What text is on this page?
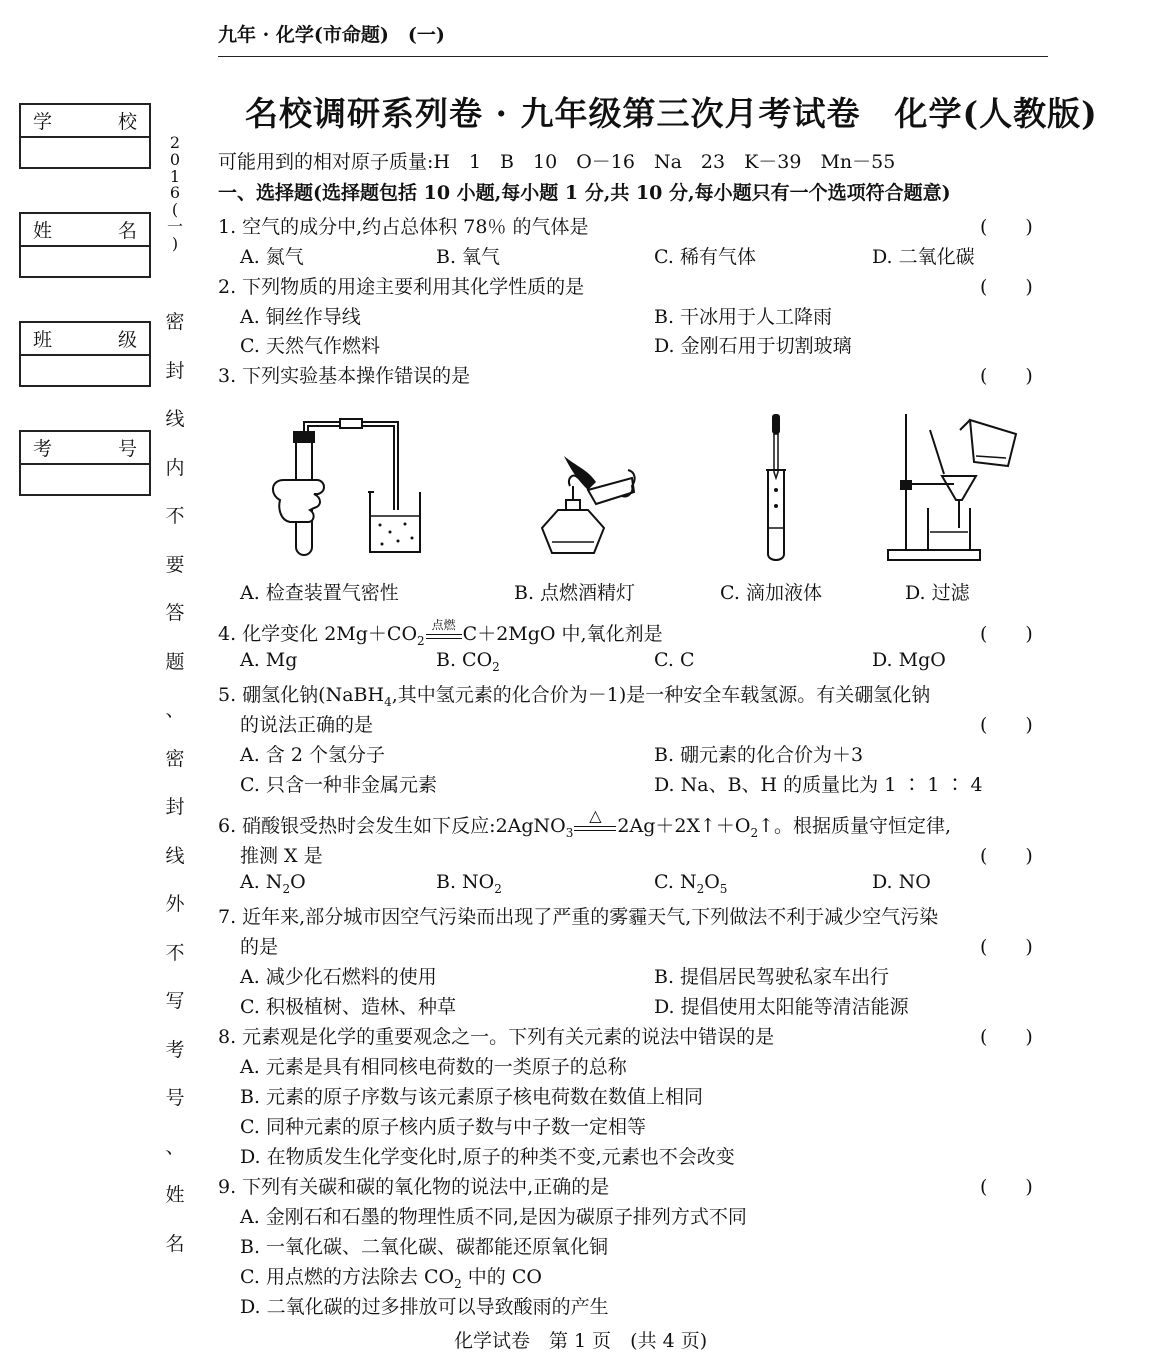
九年 · 化学(市命题)　(一)
学	校
姓	名
班	级
考	号
2
0
1
6
(
一
)
密
封
线
内
不
要
答
题
、
密
封
线
外
不
写
考
号
、
姓
名
名校调研系列卷 · 九年级第三次月考试卷　化学(人教版)
可能用到的相对原子质量:H　1　B　10　O－16　Na　23　K－39　Mn－55
一、选择题(选择题包括 10 小题,每小题 1 分,共 10 分,每小题只有一个选项符合题意)
1. 空气的成分中,约占总体积 78％ 的气体是	(　　)
A. 氮气	B. 氧气	C. 稀有气体	D. 二氧化碳
2. 下列物质的用途主要利用其化学性质的是	(　　)
A. 铜丝作导线	B. 干冰用于人工降雨
C. 天然气作燃料	D. 金刚石用于切割玻璃
3. 下列实验基本操作错误的是	(　　)
A. 检查装置气密性	B. 点燃酒精灯	C. 滴加液体	D. 过滤
4. 化学变化 $2Mg+CO_2$
点燃 C＋2MgO 中,氧化剂是	(　　)
A. Mg	B. $CO_2$	C. C	D. MgO
5. 硼氢化钠(NaBH$_4$,其中氢元素的化合价为－1)是一种安全车载氢源。有关硼氢化钠
的说法正确的是	(　　)
A. 含 2 个氢分子	B. 硼元素的化合价为＋3
C. 只含一种非金属元素	D. Na、B、H 的质量比为 1 ∶ 1 ∶ 4
6. 硝酸银受热时会发生如下反应:2AgNO$_3$
△ $2Ag+2X↑+O_2↑$。根据质量守恒定律,
推测 X 是	(　　)
A. $N_2O$	B. $NO_2$	C. $N_2O_5$	D. NO
7. 近年来,部分城市因空气污染而出现了严重的雾霾天气,下列做法不利于减少空气污染
的是	(　　)
A. 减少化石燃料的使用	B. 提倡居民驾驶私家车出行
C. 积极植树、造林、种草	D. 提倡使用太阳能等清洁能源
8. 元素观是化学的重要观念之一。下列有关元素的说法中错误的是	(　　)
A. 元素是具有相同核电荷数的一类原子的总称
B. 元素的原子序数与该元素原子核电荷数在数值上相同
C. 同种元素的原子核内质子数与中子数一定相等
D. 在物质发生化学变化时,原子的种类不变,元素也不会改变
9. 下列有关碳和碳的氧化物的说法中,正确的是	(　　)
A. 金刚石和石墨的物理性质不同,是因为碳原子排列方式不同
B. 一氧化碳、二氧化碳、碳都能还原氧化铜
C. 用点燃的方法除去 $CO_2$ 中的 CO
D. 二氧化碳的过多排放可以导致酸雨的产生
化学试卷　第 1 页　(共 4 页)
